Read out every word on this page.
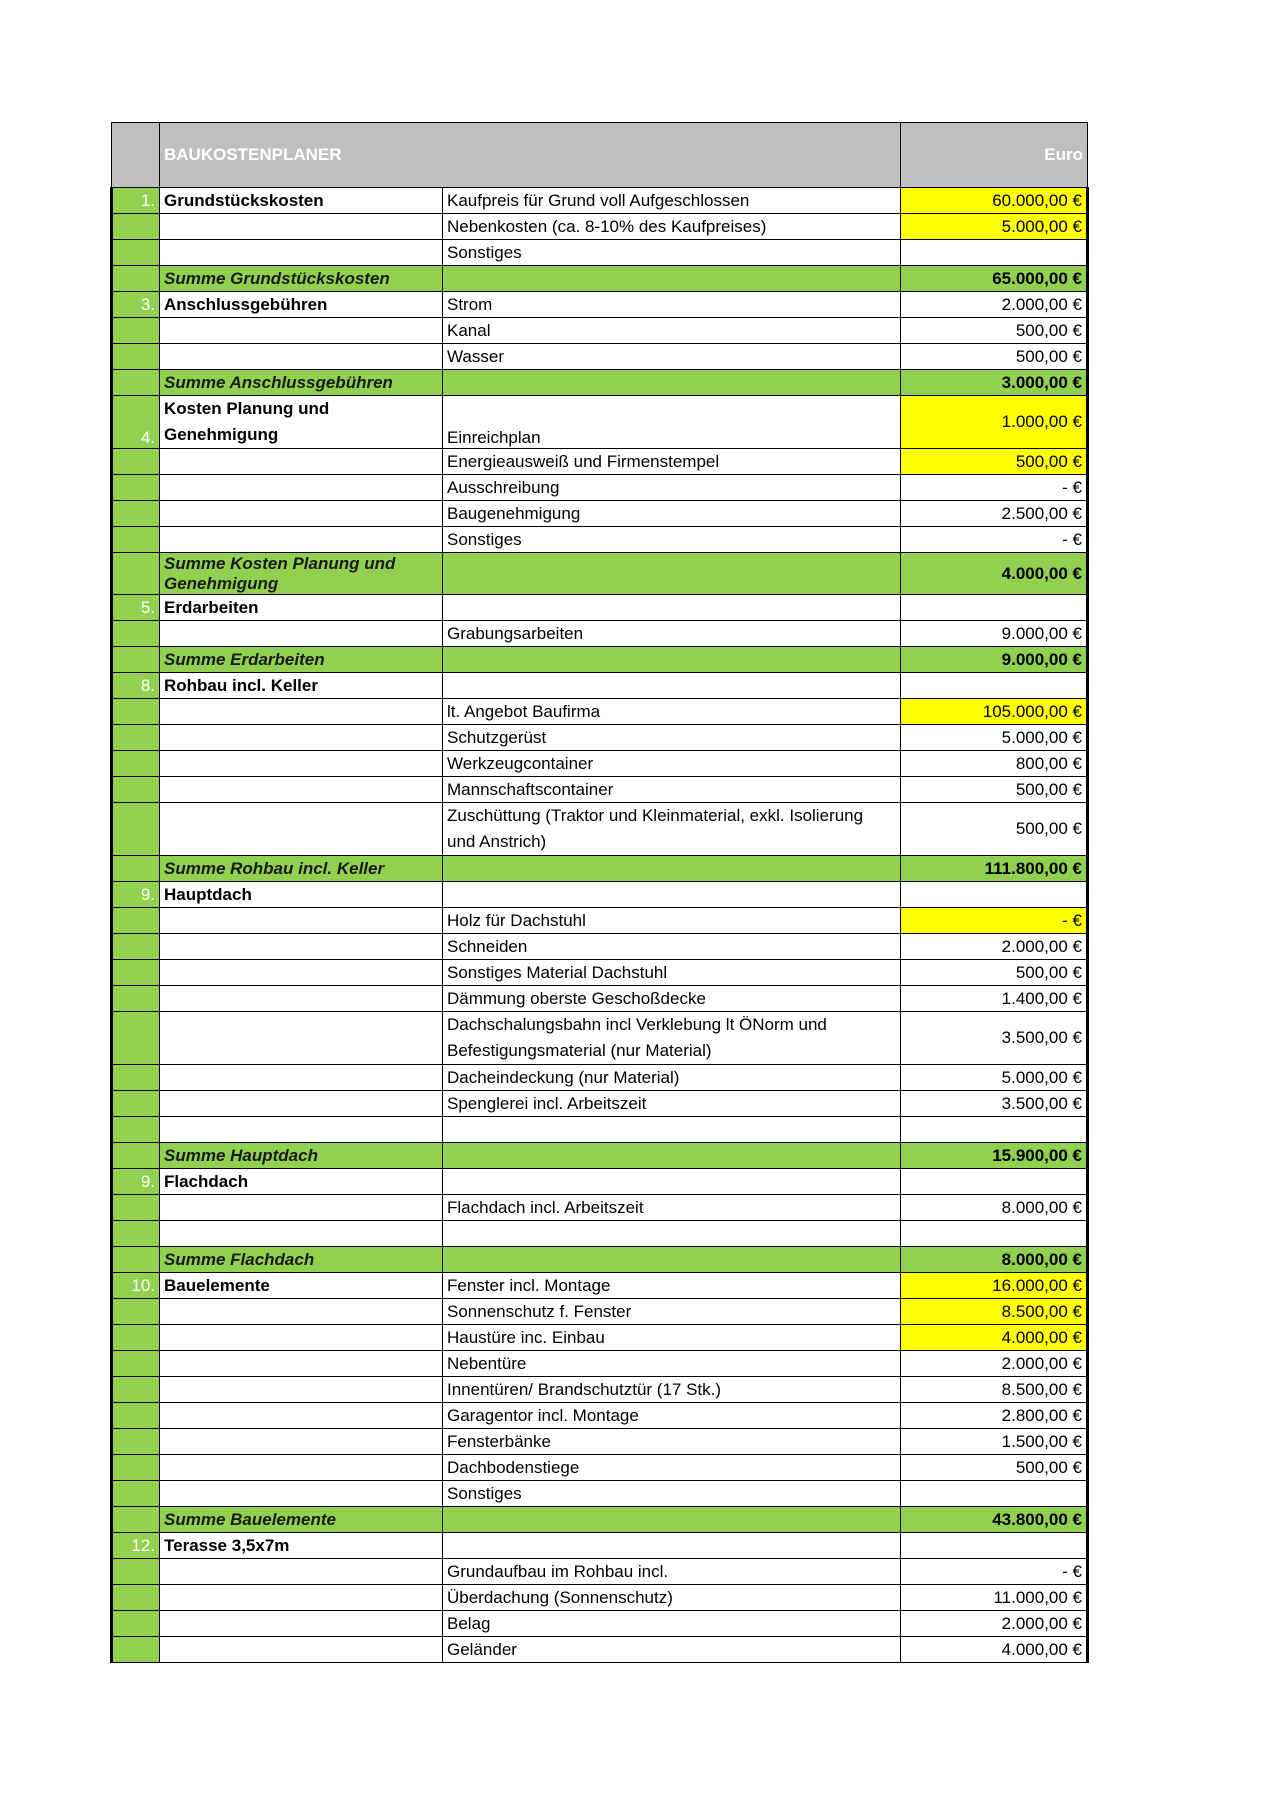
	BAUKOSTENPLANER		Euro
1.	Grundstückskosten	Kaufpreis für Grund voll Aufgeschlossen	60.000,00 €
		Nebenkosten (ca. 8-10% des Kaufpreises)	5.000,00 €
		Sonstiges	
	Summe Grundstückskosten		65.000,00 €
3.	Anschlussgebühren	Strom	2.000,00 €
		Kanal	500,00 €
		Wasser	500,00 €
	Summe Anschlussgebühren		3.000,00 €
4.	Kosten Planung und Genehmigung	Einreichplan	1.000,00 €
		Energieausweiß und Firmenstempel	500,00 €
		Ausschreibung	- €
		Baugenehmigung	2.500,00 €
		Sonstiges	- €
	Summe Kosten Planung und Genehmigung		4.000,00 €
5.	Erdarbeiten		
		Grabungsarbeiten	9.000,00 €
	Summe Erdarbeiten		9.000,00 €
8.	Rohbau incl. Keller		
		lt. Angebot Baufirma	105.000,00 €
		Schutzgerüst	5.000,00 €
		Werkzeugcontainer	800,00 €
		Mannschaftscontainer	500,00 €
		Zuschüttung (Traktor und Kleinmaterial, exkl. Isolierung und Anstrich)	500,00 €
	Summe Rohbau incl. Keller		111.800,00 €
9.	Hauptdach		
		Holz für Dachstuhl	- €
		Schneiden	2.000,00 €
		Sonstiges Material Dachstuhl	500,00 €
		Dämmung oberste Geschoßdecke	1.400,00 €
		Dachschalungsbahn incl Verklebung lt ÖNorm und Befestigungsmaterial (nur Material)	3.500,00 €
		Dacheindeckung (nur Material)	5.000,00 €
		Spenglerei incl. Arbeitszeit	3.500,00 €

	Summe Hauptdach		15.900,00 €
9.	Flachdach		
		Flachdach incl. Arbeitszeit	8.000,00 €

	Summe Flachdach		8.000,00 €
10.	Bauelemente	Fenster incl. Montage	16.000,00 €
		Sonnenschutz f. Fenster	8.500,00 €
		Haustüre inc. Einbau	4.000,00 €
		Nebentüre	2.000,00 €
		Innentüren/ Brandschutztür (17 Stk.)	8.500,00 €
		Garagentor incl. Montage	2.800,00 €
		Fensterbänke	1.500,00 €
		Dachbodenstiege	500,00 €
		Sonstiges	
	Summe Bauelemente		43.800,00 €
12.	Terasse 3,5x7m		
		Grundaufbau im Rohbau incl.	- €
		Überdachung (Sonnenschutz)	11.000,00 €
		Belag	2.000,00 €
		Geländer	4.000,00 €
